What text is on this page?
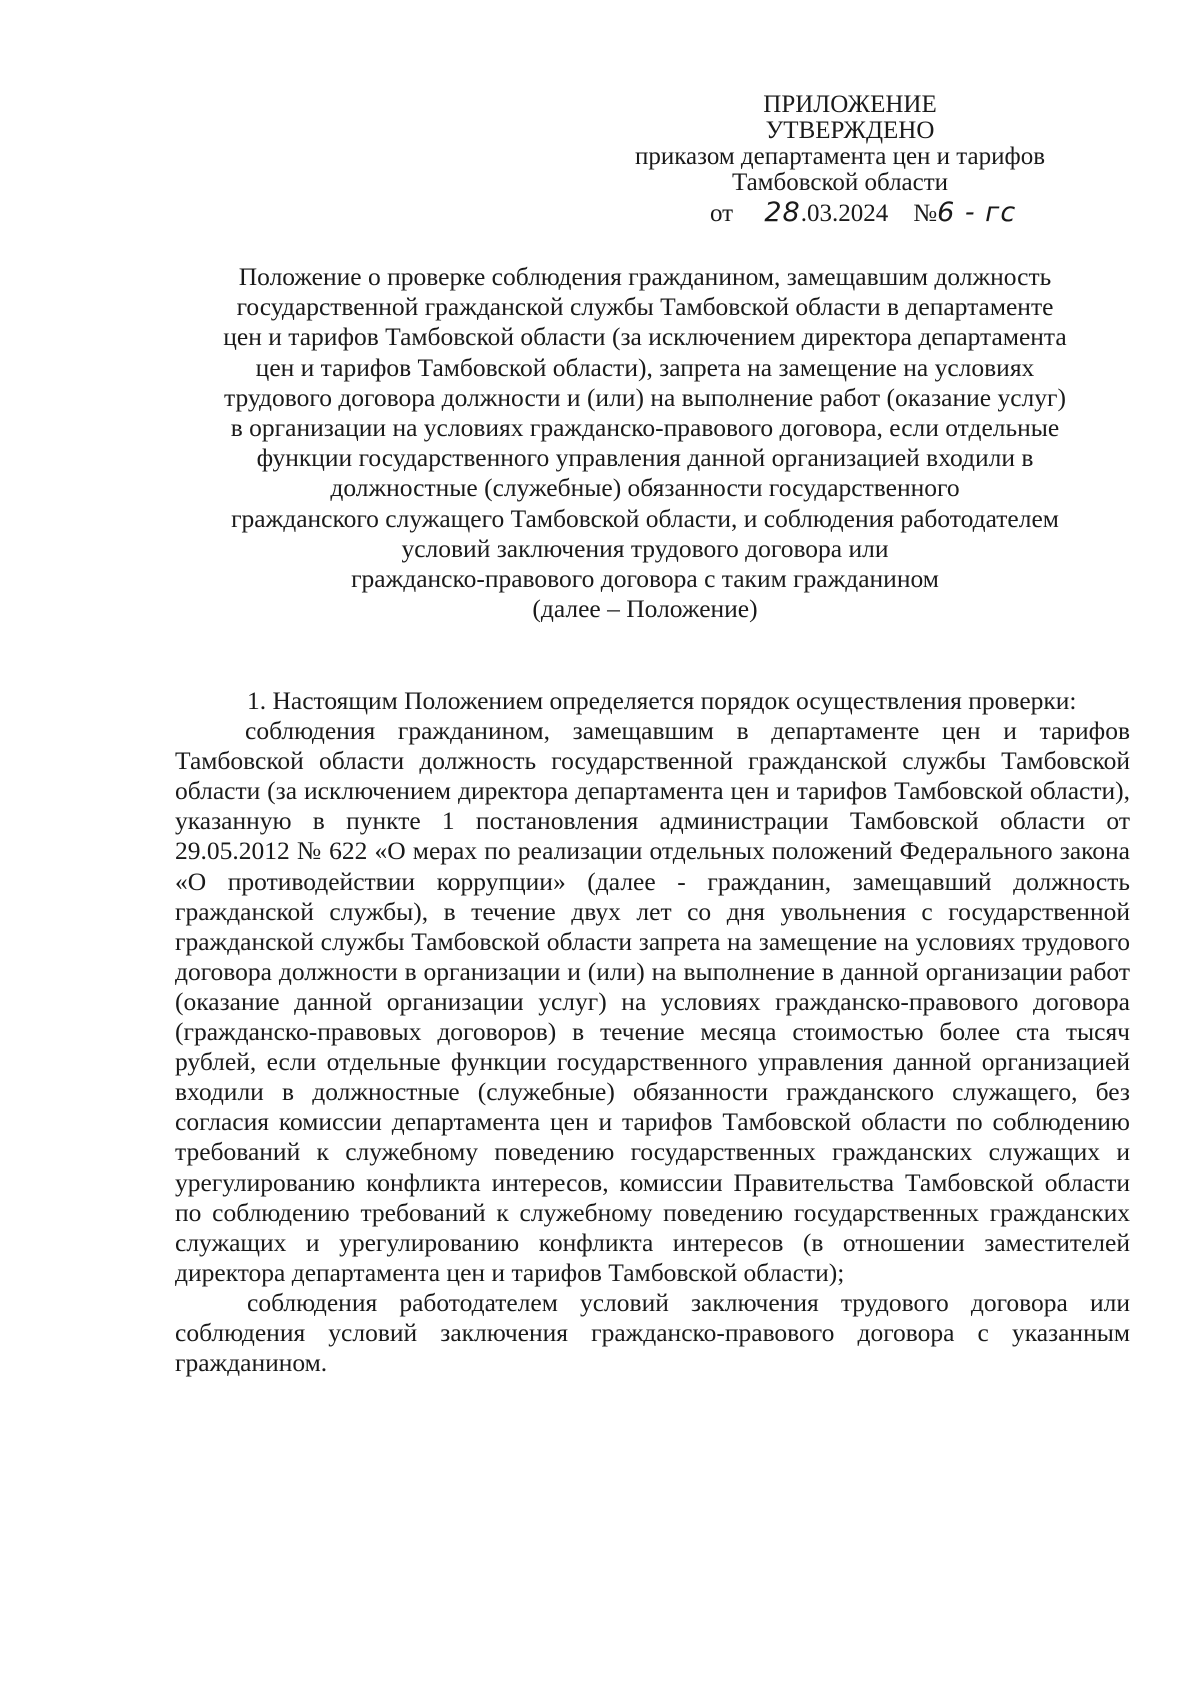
ПРИЛОЖЕНИЕ
УТВЕРЖДЕНО
приказом департамента цен и тарифов
Тамбовской области
от 28.03.2024 №6 - гс
Положение о проверке соблюдения гражданином, замещавшим должность
государственной гражданской службы Тамбовской области в департаменте
цен и тарифов Тамбовской области (за исключением директора департамента
цен и тарифов Тамбовской области), запрета на замещение на условиях
трудового договора должности и (или) на выполнение работ (оказание услуг)
в организации на условиях гражданско-правового договора, если отдельные
функции государственного управления данной организацией входили в
должностные (служебные) обязанности государственного
гражданского служащего Тамбовской области, и соблюдения работодателем
условий заключения трудового договора или
гражданско-правового договора с таким гражданином
(далее – Положение)

1. Настоящим Положением определяется порядок осуществления проверки:

соблюдения гражданином, замещавшим в департаменте цен и тарифов Тамбовской области должность государственной гражданской службы Тамбовской области (за исключением директора департамента цен и тарифов Тамбовской области), указанную в пункте 1 постановления администрации Тамбовской области от 29.05.2012 № 622 «О мерах по реализации отдельных положений Федерального закона «О противодействии коррупции» (далее - гражданин, замещавший должность гражданской службы), в течение двух лет со дня увольнения с государственной гражданской службы Тамбовской области запрета на замещение на условиях трудового договора должности в организации и (или) на выполнение в данной организации работ (оказание данной организации услуг) на условиях гражданско-правового договора (гражданско-правовых договоров) в течение месяца стоимостью более ста тысяч рублей, если отдельные функции государственного управления данной организацией входили в должностные (служебные) обязанности гражданского служащего, без согласия комиссии департамента цен и тарифов Тамбовской области по соблюдению требований к служебному поведению государственных гражданских служащих и урегулированию конфликта интересов, комиссии Правительства Тамбовской области по соблюдению требований к служебному поведению государственных гражданских служащих и урегулированию конфликта интересов (в отношении заместителей директора департамента цен и тарифов Тамбовской области);

соблюдения работодателем условий заключения трудового договора или соблюдения условий заключения гражданско-правового договора с указанным гражданином.
